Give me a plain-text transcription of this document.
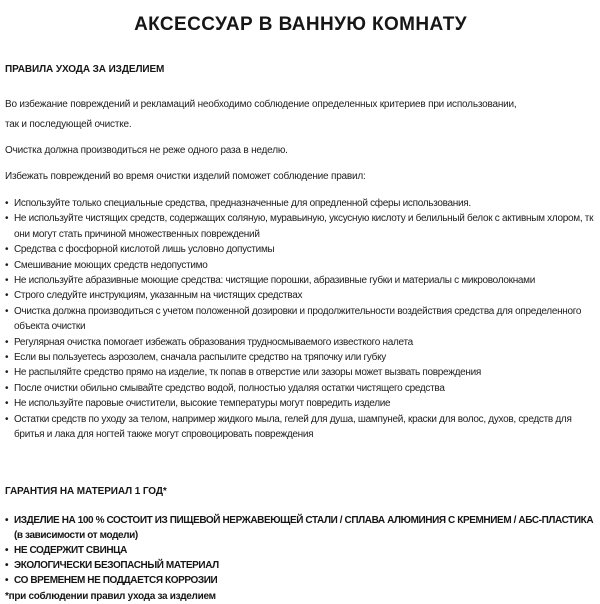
АКСЕССУАР В ВАННУЮ КОМНАТУ
ПРАВИЛА УХОДА ЗА ИЗДЕЛИЕМ

Во избежание повреждений и рекламаций необходимо соблюдение определенных критериев при использовании,
так и последующей очистке.

Очистка должна производиться не реже одного раза в неделю.

Избежать повреждений во время очистки изделий поможет соблюдение правил:

• Используйте только специальные средства, предназначенные для опредленной сферы использования.
• Не используйте чистящих средств, содержащих соляную, муравьиную, уксусную кислоту и белильный белок с активным хлором, тк они могут стать причиной множественных повреждений
• Средства с фосфорной кислотой лишь условно допустимы
• Смешивание моющих средств недопустимо
• Не используйте абразивные моющие средства: чистящие порошки, абразивные губки и материалы с микроволокнами
• Строго следуйте инструкциям, указанным на чистящих средствах
• Очистка должна производиться с учетом положенной дозировки и продолжительности воздействия средства для определенного объекта очистки
• Регулярная очистка помогает избежать образования трудносмываемого известкого налета
• Если вы пользуетесь аэрозолем, сначала распылите средство на тряпочку или губку
• Не распыляйте средство прямо на изделие, тк попав в отверстие или зазоры может вызвать повреждения
• После очистки обильно смывайте средство водой, полностью удаляя остатки чистящего средства
• Не используйте паровые очистители, высокие температуры могут повредить изделие
• Остатки средств по уходу за телом, например жидкого мыла, гелей для душа, шампуней, краски для волос, духов, средств для бритья и лака для ногтей также могут спровоцировать повреждения
ГАРАНТИЯ НА МАТЕРИАЛ 1 ГОД*
• ИЗДЕЛИЕ НА 100 % СОСТОИТ ИЗ ПИЩЕВОЙ НЕРЖАВЕЮЩЕЙ СТАЛИ / СПЛАВА АЛЮМИНИЯ С КРЕМНИЕМ / АБС-ПЛАСТИКА (в зависимости от модели)
• НЕ СОДЕРЖИТ СВИНЦА
• ЭКОЛОГИЧЕСКИ БЕЗОПАСНЫЙ МАТЕРИАЛ
• СО ВРЕМЕНЕМ НЕ ПОДДАЕТСЯ КОРРОЗИИ

*при соблюдении правил ухода за изделием
